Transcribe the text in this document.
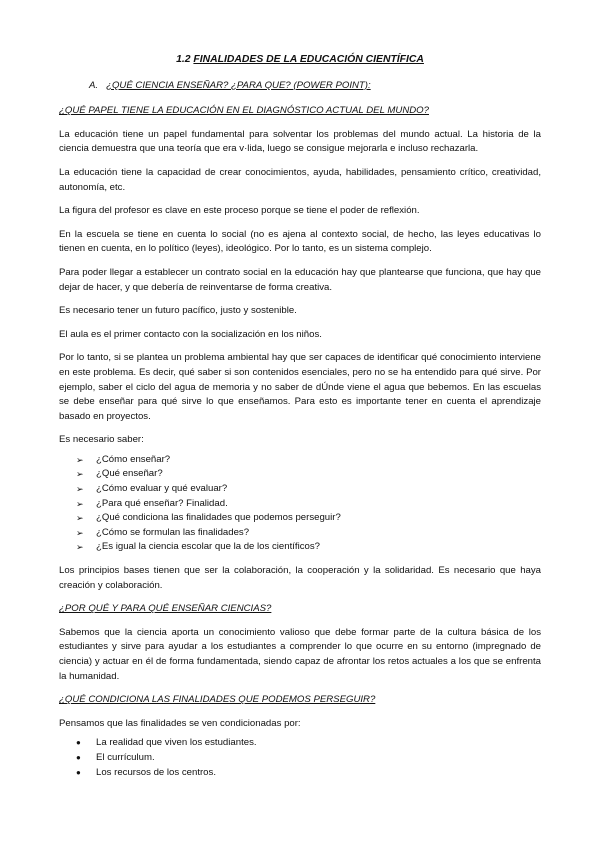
1.2 FINALIDADES DE LA EDUCACIÓN CIENTÍFICA
A. ¿QUÉ CIENCIA ENSEÑAR? ¿PARA QUE? (POWER POINT):
¿QUÉ PAPEL TIENE LA EDUCACIÓN EN EL DIAGNÓSTICO ACTUAL DEL MUNDO?
La educación tiene un papel fundamental para solventar los problemas del mundo actual. La historia de la ciencia demuestra que una teoría que era v·lida, luego se consigue mejorarla e incluso rechazarla.
La educación tiene la capacidad de crear conocimientos, ayuda, habilidades, pensamiento crítico, creatividad, autonomía, etc.
La figura del profesor es clave en este proceso porque se tiene el poder de reflexión.
En la escuela se tiene en cuenta lo social (no es ajena al contexto social, de hecho, las leyes educativas lo tienen en cuenta, en lo político (leyes), ideológico. Por lo tanto, es un sistema complejo.
Para poder llegar a establecer un contrato social en la educación hay que plantearse que funciona, que hay que dejar de hacer, y que debería de reinventarse de forma creativa.
Es necesario tener un futuro pacífico, justo y sostenible.
El aula es el primer contacto con la socialización en los niños.
Por lo tanto, si se plantea un problema ambiental hay que ser capaces de identificar qué conocimiento interviene en este problema. Es decir, qué saber si son contenidos esenciales, pero no se ha entendido para qué sirve. Por ejemplo, saber el ciclo del agua de memoria y no saber de dÚnde viene el agua que bebemos. En las escuelas se debe enseñar para qué sirve lo que enseñamos. Para esto es importante tener en cuenta el aprendizaje basado en proyectos.
Es necesario saber:
➢ ¿Cómo enseñar?
➢ ¿Qué enseñar?
➢ ¿Cómo evaluar y qué evaluar?
➢ ¿Para qué enseñar? Finalidad.
➢ ¿Qué condiciona las finalidades que podemos perseguir?
➢ ¿Cómo se formulan las finalidades?
➢ ¿Es igual la ciencia escolar que la de los científicos?
Los principios bases tienen que ser la colaboración, la cooperación y la solidaridad. Es necesario que haya creación y colaboración.
¿POR QUÉ Y PARA QUÉ ENSEÑAR CIENCIAS?
Sabemos que la ciencia aporta un conocimiento valioso que debe formar parte de la cultura básica de los estudiantes y sirve para ayudar a los estudiantes a comprender lo que ocurre en su entorno (impregnado de ciencia) y actuar en él de forma fundamentada, siendo capaz de afrontar los retos actuales a los que se enfrenta la humanidad.
¿QUÉ CONDICIONA LAS FINALIDADES QUE PODEMOS PERSEGUIR?
Pensamos que las finalidades se ven condicionadas por:
● La realidad que viven los estudiantes.
● El currículum.
● Los recursos de los centros.
